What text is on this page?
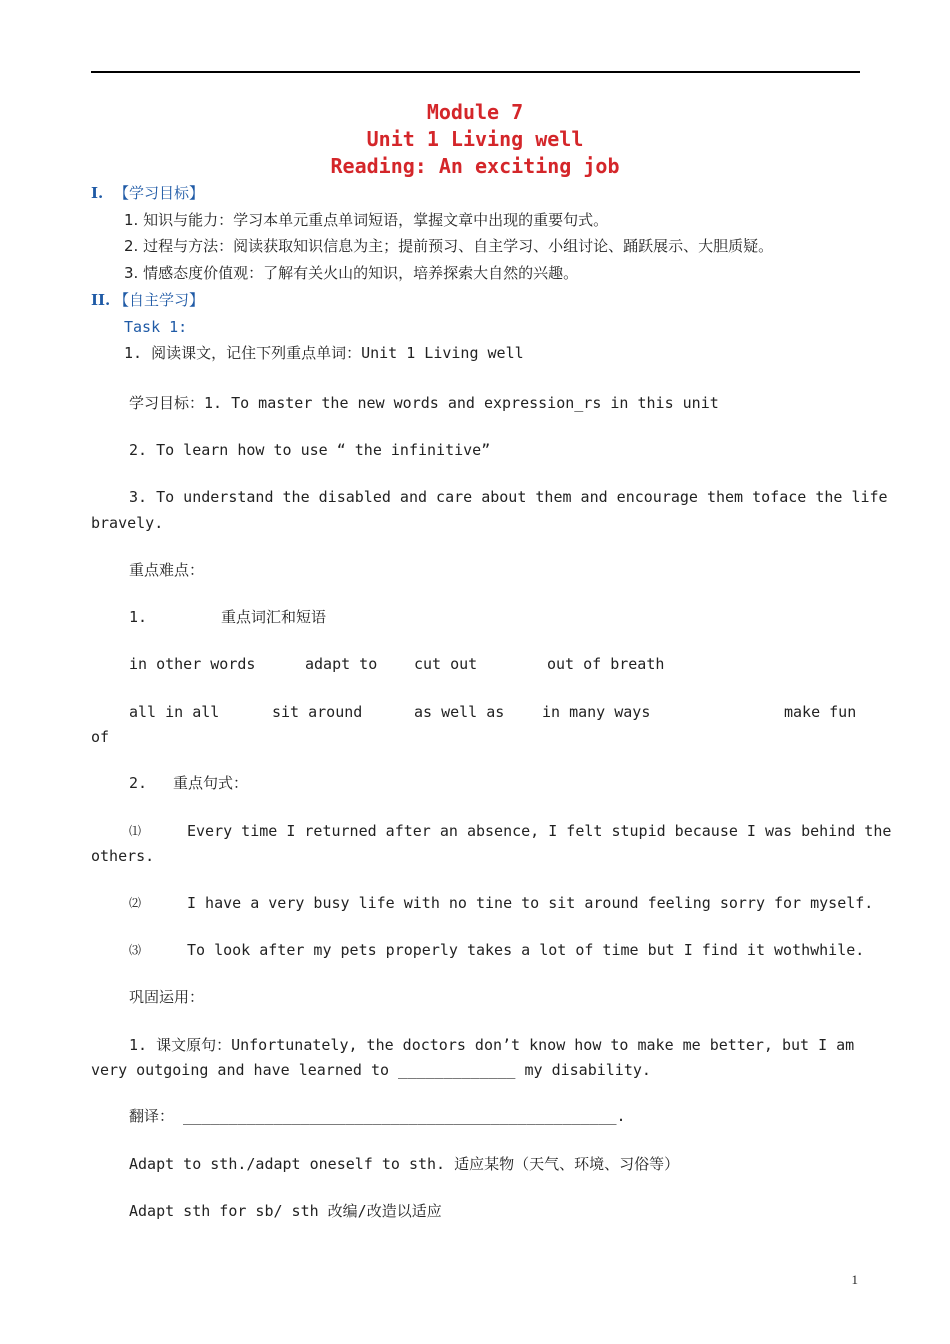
Module 7
Unit 1 Living well
Reading: An exciting job
I. 【学习目标】
1. 知识与能力：学习本单元重点单词短语，掌握文章中出现的重要句式。
2. 过程与方法：阅读获取知识信息为主；提前预习、自主学习、小组讨论、踊跃展示、大胆质疑。
3. 情感态度价值观：了解有关火山的知识，培养探索大自然的兴趣。
II. 【自主学习】
Task 1:
1. 阅读课文，记住下列重点单词：Unit 1 Living well
学习目标：1. To master the new words and expression_rs in this unit
2. To learn how to use “ the infinitive”
3. To understand the disabled and care about them and encourage them toface the life
bravely.
重点难点：
1.	重点词汇和短语
in other words	adapt to cut out	out of breath
all in all	sit around	as well as	in many ways	make fun
of
2. 重点句式：
⑴	Every time I returned after an absence, I felt stupid because I was behind the
others.
⑵	I have a very busy life with no tine to sit around feeling sorry for myself.
⑶	To look after my pets properly takes a lot of time but I find it wothwhile.
巩固运用：
1. 课文原句：Unfortunately, the doctors don’t know how to make me better, but I am
very outgoing and have learned to _____________ my disability.
翻译： ________________________________________________.
Adapt to sth./adapt oneself to sth. 适应某物（天气、环境、习俗等）
Adapt sth for sb/ sth 改编/改造以适应
1
